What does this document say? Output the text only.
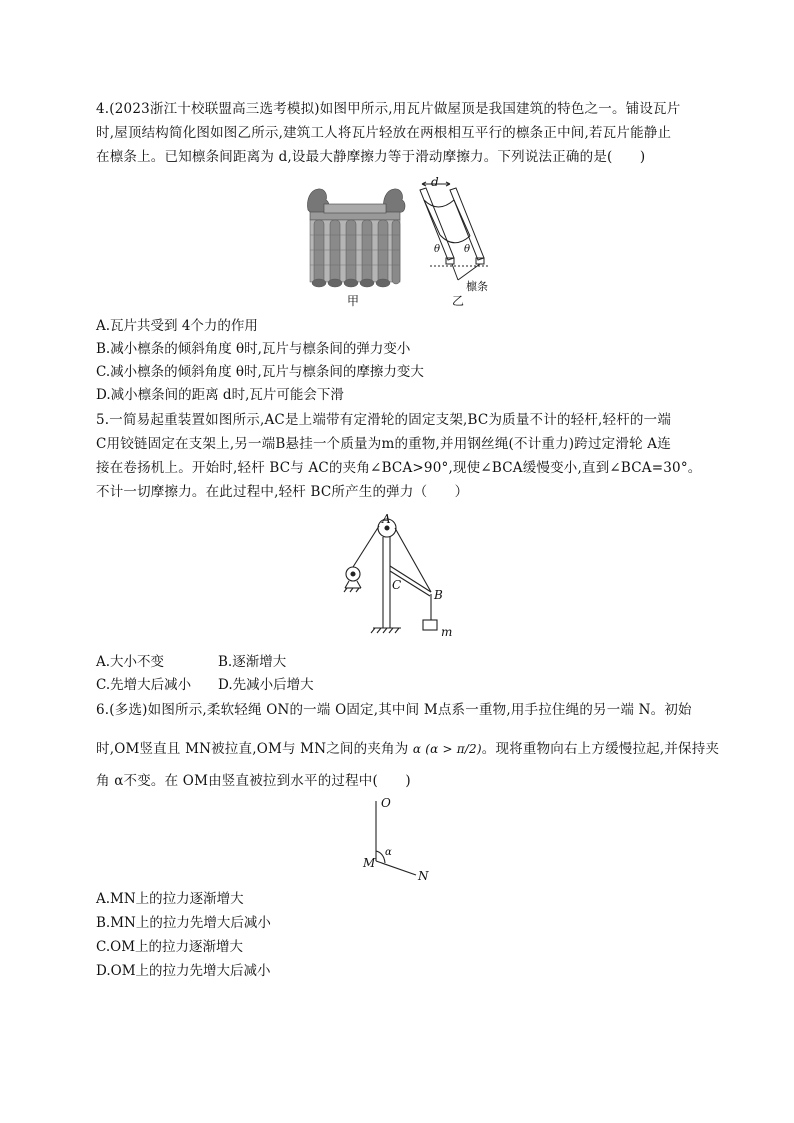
4.(2023浙江十校联盟高三选考模拟)如图甲所示,用瓦片做屋顶是我国建筑的特色之一。铺设瓦片
时,屋顶结构简化图如图乙所示,建筑工人将瓦片轻放在两根相互平行的檩条正中间,若瓦片能静止
在檩条上。已知檩条间距离为 d,设最大静摩擦力等于滑动摩擦力。下列说法正确的是(　　)
甲
d
θ θ
檩条
乙
A.瓦片共受到 4个力的作用
B.减小檩条的倾斜角度 θ时,瓦片与檩条间的弹力变小
C.减小檩条的倾斜角度 θ时,瓦片与檩条间的摩擦力变大
D.减小檩条间的距离 d时,瓦片可能会下滑
5.一简易起重装置如图所示,AC是上端带有定滑轮的固定支架,BC为质量不计的轻杆,轻杆的一端
C用铰链固定在支架上,另一端B悬挂一个质量为m的重物,并用钢丝绳(不计重力)跨过定滑轮 A连
接在卷扬机上。开始时,轻杆 BC与 AC的夹角∠BCA>90°,现使∠BCA缓慢变小,直到∠BCA=30°。
不计一切摩擦力。在此过程中,轻杆 BC所产生的弹力（　　）
A
C
B
m
A.大小不变	B.逐渐增大
C.先增大后减小 D.先减小后增大
6.(多选)如图所示,柔软轻绳 ON的一端 O固定,其中间 M点系一重物,用手拉住绳的另一端 N。初始
时,OM竖直且 MN被拉直,OM与 MN之间的夹角为 α (α > π/2)。现将重物向右上方缓慢拉起,并保持夹
角 α不变。在 OM由竖直被拉到水平的过程中(　　)
O
M
α
N
A.MN上的拉力逐渐增大
B.MN上的拉力先增大后减小
C.OM上的拉力逐渐增大
D.OM上的拉力先增大后减小
